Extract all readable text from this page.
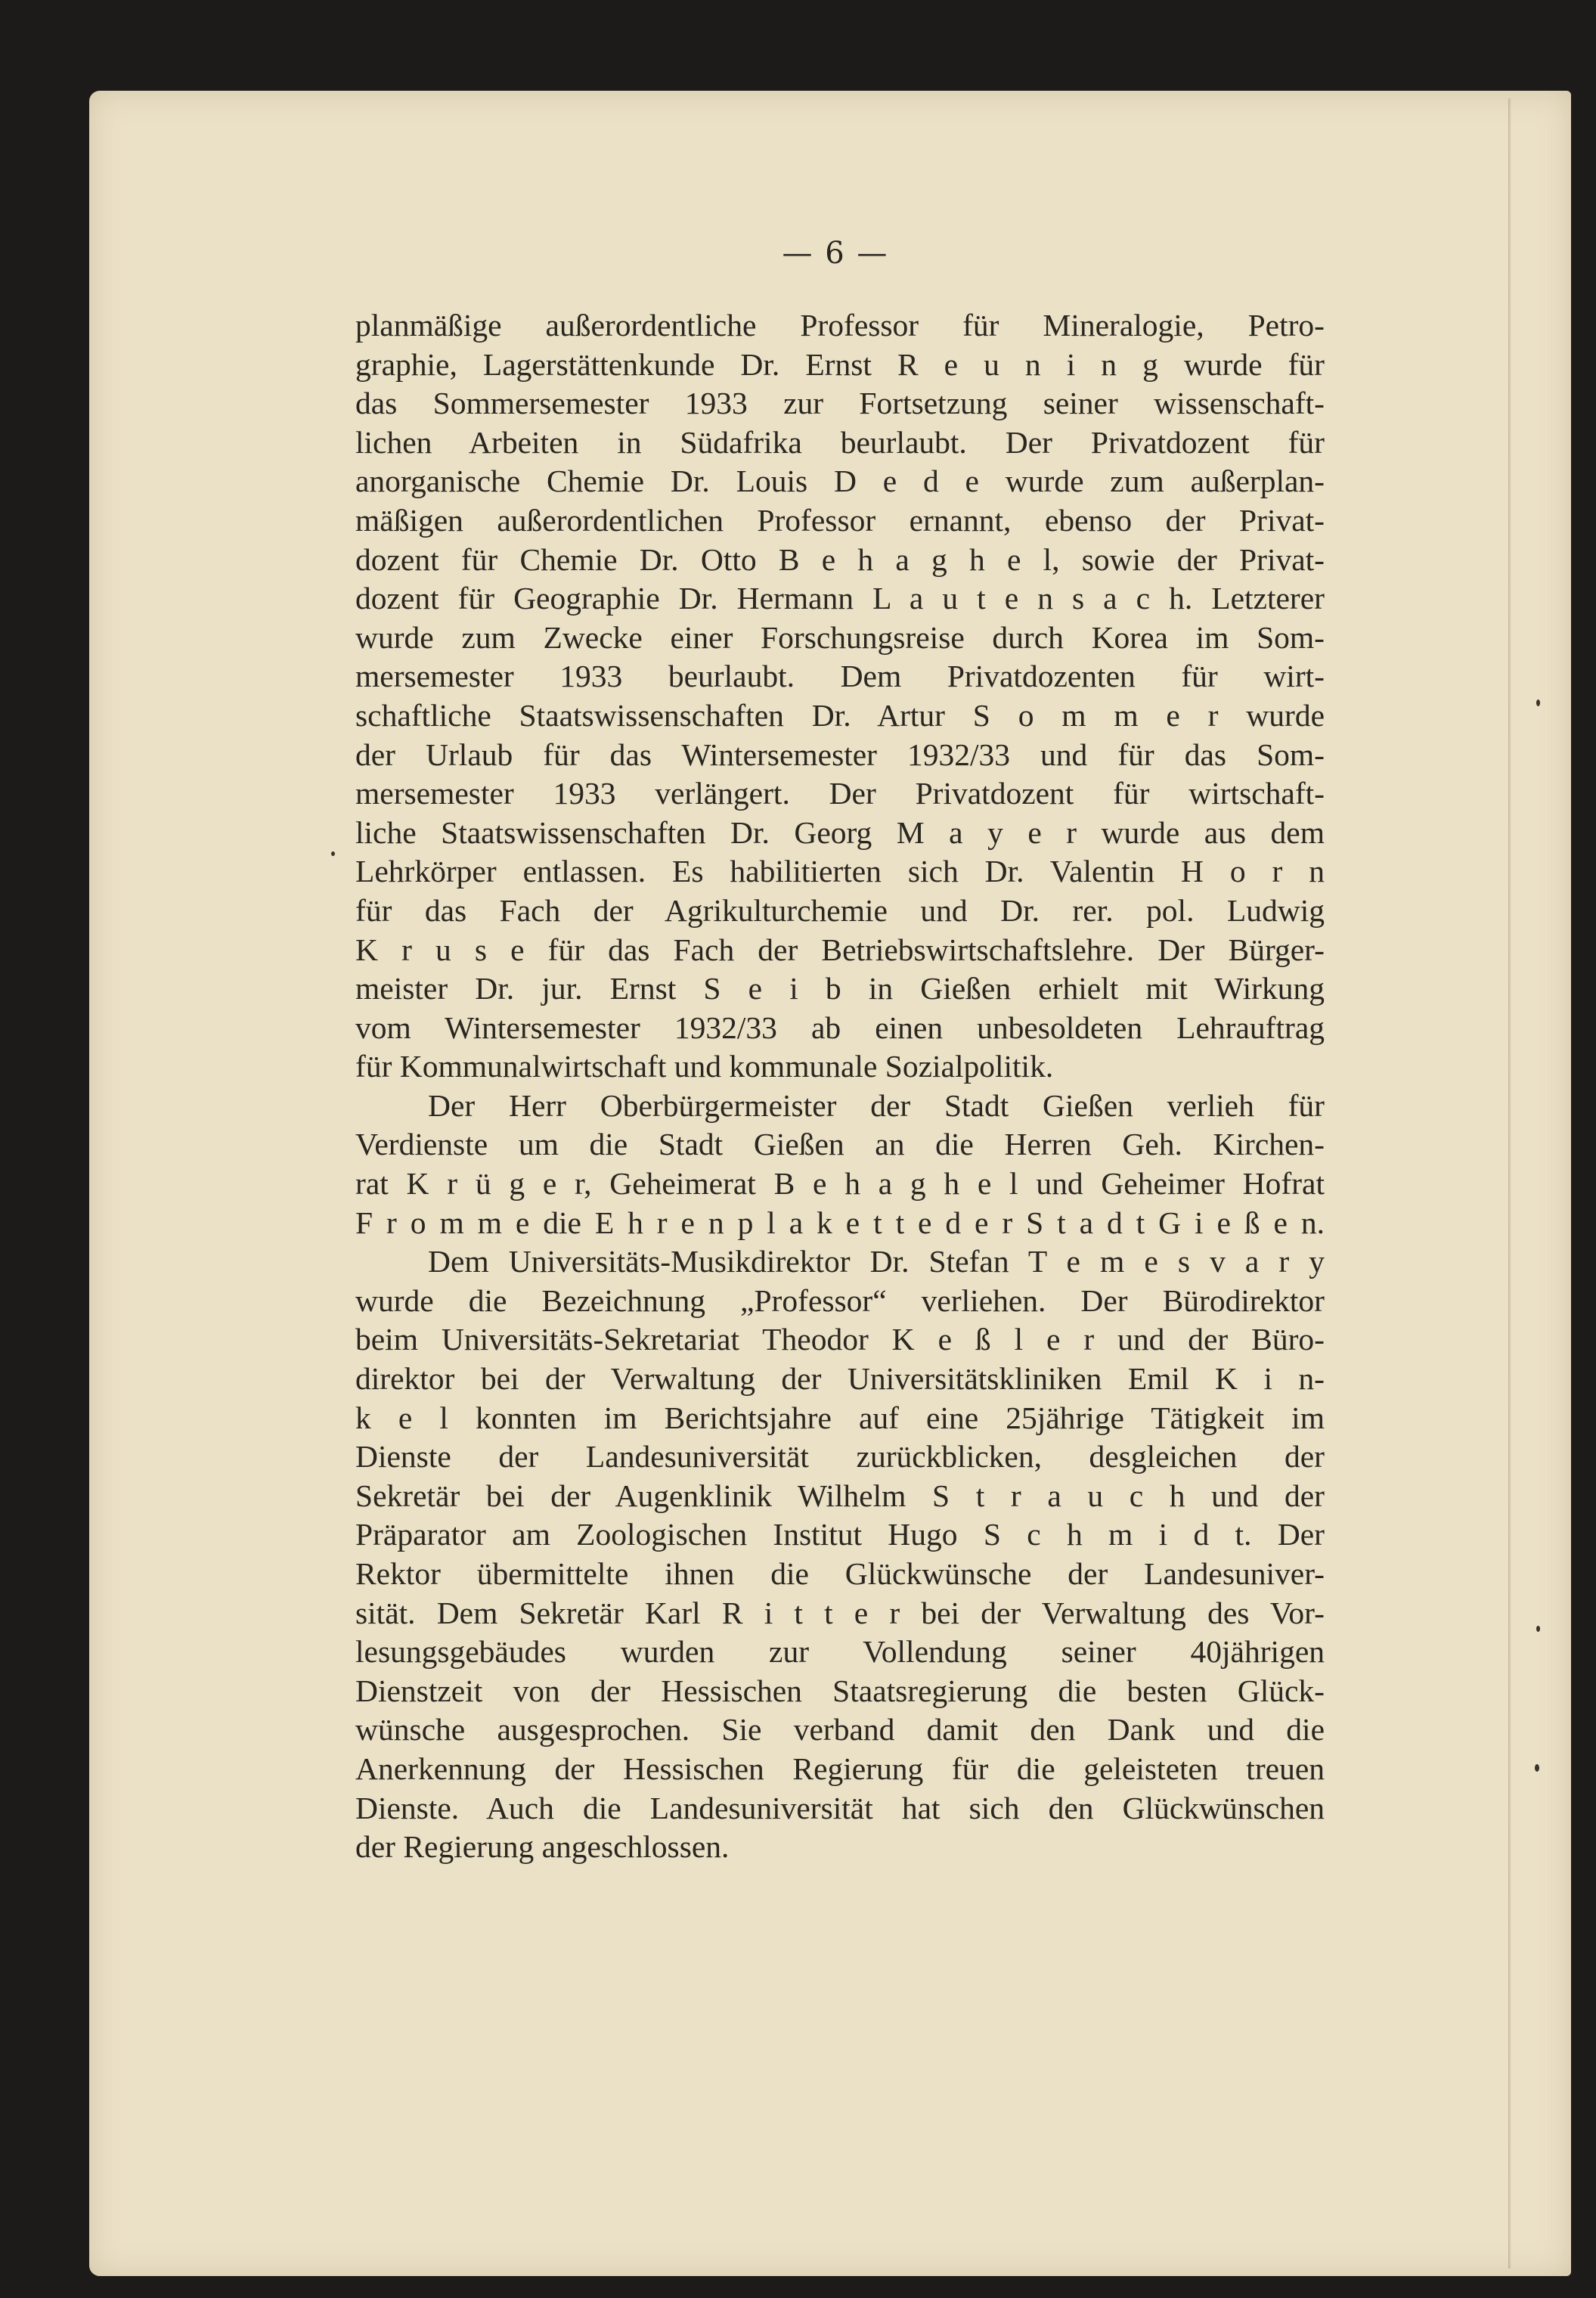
— 6 —
planmäßige außerordentliche Professor für Mineralogie, Petro-
graphie, Lagerstättenkunde Dr. Ernst R e u n i n g wurde für
das Sommersemester 1933 zur Fortsetzung seiner wissenschaft-
lichen Arbeiten in Südafrika beurlaubt. Der Privatdozent für
anorganische Chemie Dr. Louis D e d e wurde zum außerplan-
mäßigen außerordentlichen Professor ernannt, ebenso der Privat-
dozent für Chemie Dr. Otto B e h a g h e l, sowie der Privat-
dozent für Geographie Dr. Hermann L a u t e n s a c h. Letzterer
wurde zum Zwecke einer Forschungsreise durch Korea im Som-
mersemester 1933 beurlaubt. Dem Privatdozenten für wirt-
schaftliche Staatswissenschaften Dr. Artur S o m m e r wurde
der Urlaub für das Wintersemester 1932/33 und für das Som-
mersemester 1933 verlängert. Der Privatdozent für wirtschaft-
liche Staatswissenschaften Dr. Georg M a y e r wurde aus dem
Lehrkörper entlassen. Es habilitierten sich Dr. Valentin H o r n
für das Fach der Agrikulturchemie und Dr. rer. pol. Ludwig
K r u s e für das Fach der Betriebswirtschaftslehre. Der Bürger-
meister Dr. jur. Ernst S e i b in Gießen erhielt mit Wirkung
vom Wintersemester 1932/33 ab einen unbesoldeten Lehrauftrag
für Kommunalwirtschaft und kommunale Sozialpolitik.
Der Herr Oberbürgermeister der Stadt Gießen verlieh für
Verdienste um die Stadt Gießen an die Herren Geh. Kirchen-
rat K r ü g e r, Geheimerat B e h a g h e l und Geheimer Hofrat
F r o m m e die E h r e n p l a k e t t e d e r S t a d t G i e ß e n.
Dem Universitäts-Musikdirektor Dr. Stefan T e m e s v a r y
wurde die Bezeichnung „Professor“ verliehen. Der Bürodirektor
beim Universitäts-Sekretariat Theodor K e ß l e r und der Büro-
direktor bei der Verwaltung der Universitätskliniken Emil K i n-
k e l konnten im Berichtsjahre auf eine 25jährige Tätigkeit im
Dienste der Landesuniversität zurückblicken, desgleichen der
Sekretär bei der Augenklinik Wilhelm S t r a u c h und der
Präparator am Zoologischen Institut Hugo S c h m i d t. Der
Rektor übermittelte ihnen die Glückwünsche der Landesuniver-
sität. Dem Sekretär Karl R i t t e r bei der Verwaltung des Vor-
lesungsgebäudes wurden zur Vollendung seiner 40jährigen
Dienstzeit von der Hessischen Staatsregierung die besten Glück-
wünsche ausgesprochen. Sie verband damit den Dank und die
Anerkennung der Hessischen Regierung für die geleisteten treuen
Dienste. Auch die Landesuniversität hat sich den Glückwünschen
der Regierung angeschlossen.
